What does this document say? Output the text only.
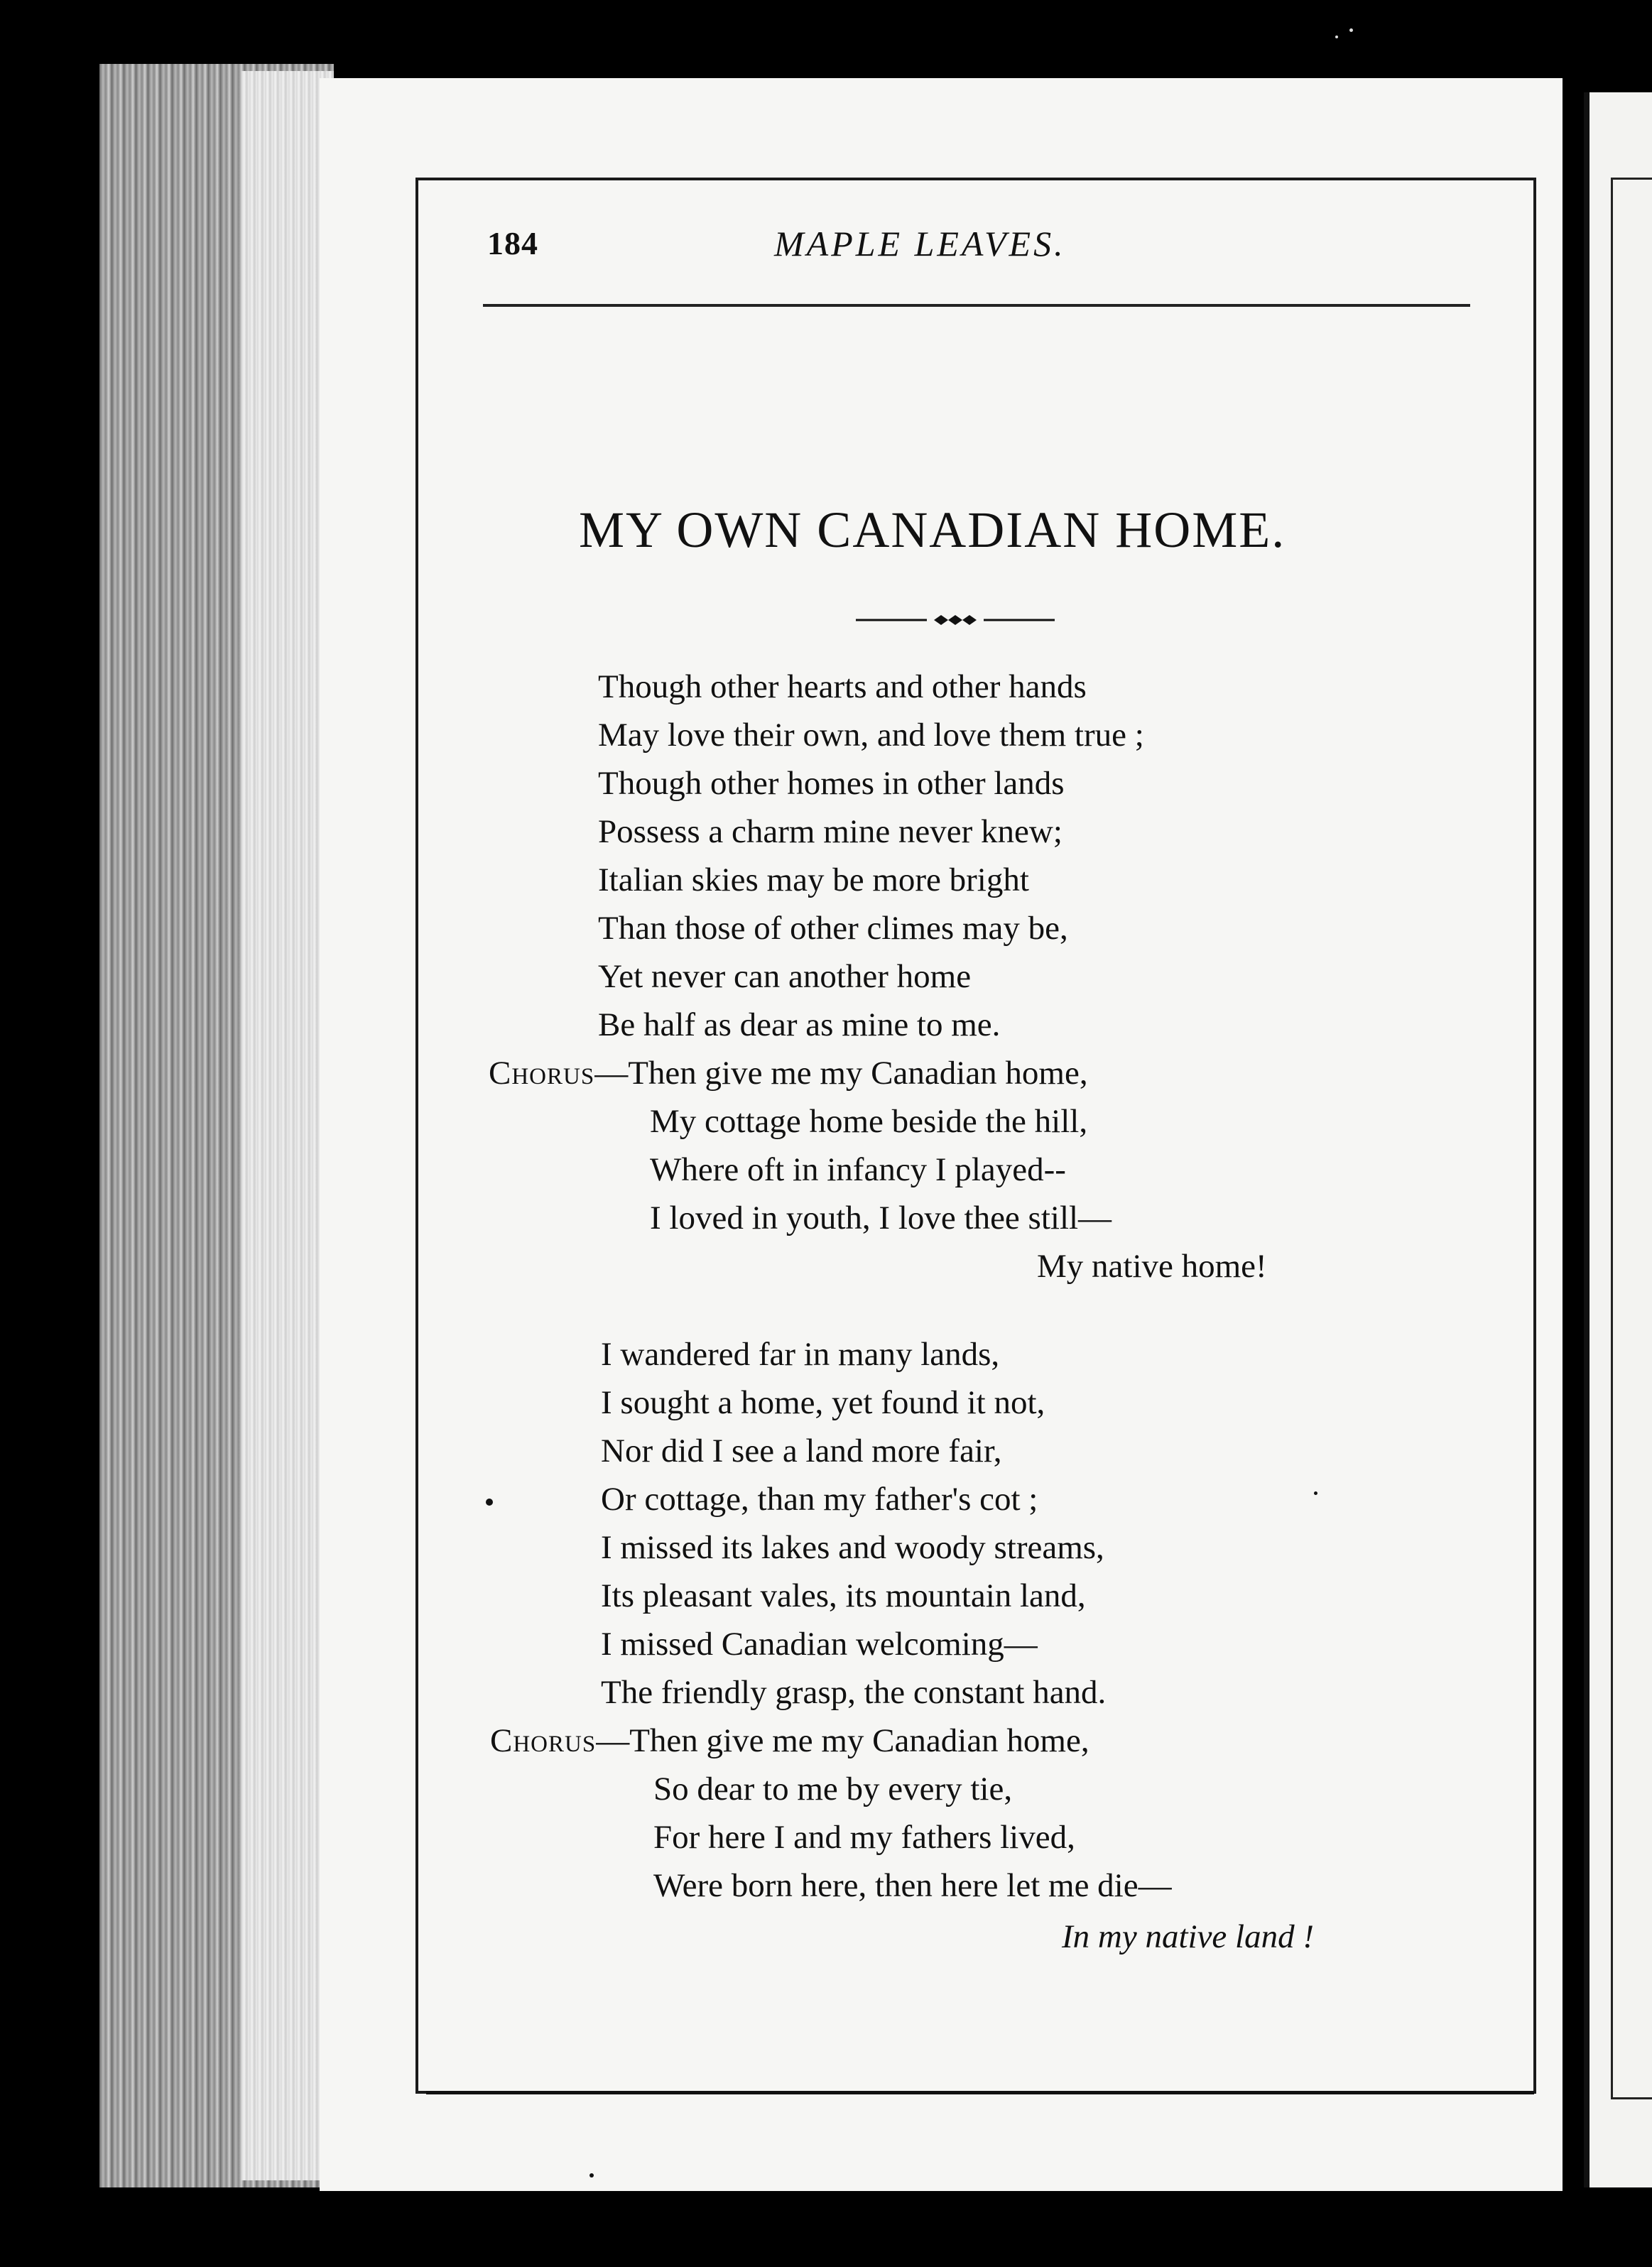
184	MAPLE LEAVES.
MY OWN CANADIAN HOME.
Though other hearts and other hands
May love their own, and love them true ;
Though other homes in other lands
Possess a charm mine never knew;
Italian skies may be more bright
Than those of other climes may be,
Yet never can another home
Be half as dear as mine to me.
Chorus—Then give me my Canadian home,
My cottage home beside the hill,
Where oft in infancy I played--
I loved in youth, I love thee still—
My native home!
I wandered far in many lands,
I sought a home, yet found it not,
Nor did I see a land more fair,
Or cottage, than my father's cot ;
I missed its lakes and woody streams,
Its pleasant vales, its mountain land,
I missed Canadian welcoming—
The friendly grasp, the constant hand.
Chorus—Then give me my Canadian home,
So dear to me by every tie,
For here I and my fathers lived,
Were born here, then here let me die—
In my native land !
